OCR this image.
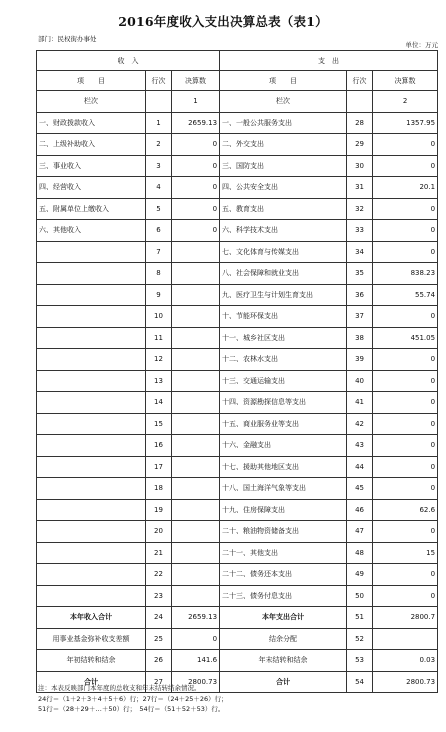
2016年度收入支出决算总表（表1）
部门：民权街办事处
单位：万元
收　入			支　出		
项　　目	行次	决算数	项　　目	行次	决算数
栏次		1	栏次		2
一、财政拨款收入	1	2659.13	一、一般公共服务支出	28	1357.95
二、上级补助收入	2	0	二、外交支出	29	0
三、事业收入	3	0	三、国防支出	30	0
四、经营收入	4	0	四、公共安全支出	31	20.1
五、附属单位上缴收入	5	0	五、教育支出	32	0
六、其他收入	6	0	六、科学技术支出	33	0
	7		七、文化体育与传媒支出	34	0
	8		八、社会保障和就业支出	35	838.23
	9		九、医疗卫生与计划生育支出	36	55.74
	10		十、节能环保支出	37	0
	11		十一、城乡社区支出	38	451.05
	12		十二、农林水支出	39	0
	13		十三、交通运输支出	40	0
	14		十四、资源勘探信息等支出	41	0
	15		十五、商业服务业等支出	42	0
	16		十六、金融支出	43	0
	17		十七、援助其他地区支出	44	0
	18		十八、国土海洋气象等支出	45	0
	19		十九、住房保障支出	46	62.6
	20		二十、粮油物资储备支出	47	0
	21		二十一、其他支出	48	15
	22		二十二、债务还本支出	49	0
	23		二十三、债务付息支出	50	0
本年收入合计	24	2659.13	本年支出合计	51	2800.7
用事业基金弥补收支差额	25	0	结余分配	52	
年初结转和结余	26	141.6	年末结转和结余	53	0.03
合计	27	2800.73	合计	54	2800.73
注：本表反映部门本年度的总收支和年末结转结余情况。
24行＝（1＋2＋3＋4＋5＋6）行；27行＝（24＋25＋26）行；
51行＝（28＋29＋…＋50）行；　54行＝（51＋52＋53）行。
